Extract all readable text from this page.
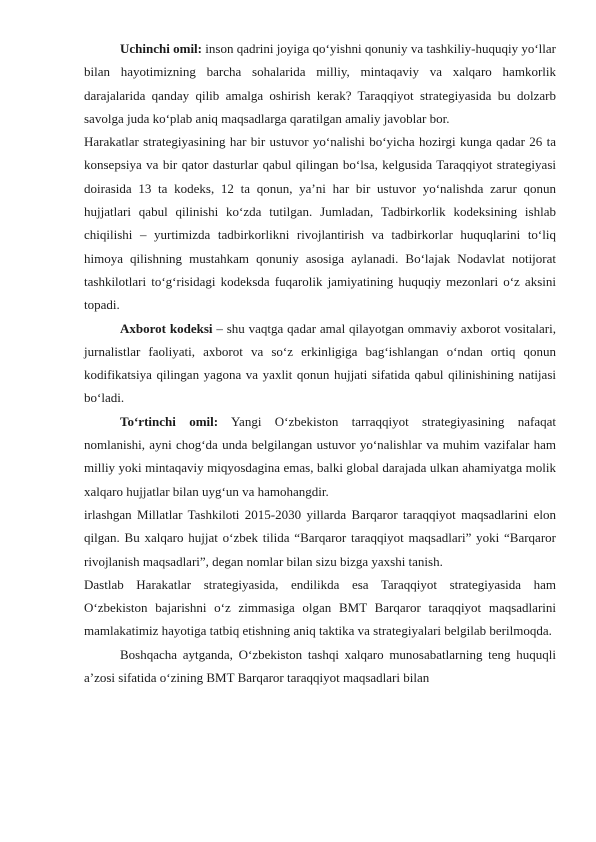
Uchinchi omil: inson qadrini joyiga qo‘yishni qonuniy va tashkiliy-huquqiy yo‘llar bilan hayotimizning barcha sohalarida milliy, mintaqaviy va xalqaro hamkorlik darajalarida qanday qilib amalga oshirish kerak? Taraqqiyot strategiyasida bu dolzarb savolga juda ko‘plab aniq maqsadlarga qaratilgan amaliy javoblar bor.

Harakatlar strategiyasining har bir ustuvor yo‘nalishi bo‘yicha hozirgi kunga qadar 26 ta konsepsiya va bir qator dasturlar qabul qilingan bo‘lsa, kelgusida Taraqqiyot strategiyasi doirasida 13 ta kodeks, 12 ta qonun, ya’ni har bir ustuvor yo‘nalishda zarur qonun hujjatlari qabul qilinishi ko‘zda tutilgan. Jumladan, Tadbirkorlik kodeksining ishlab chiqilishi – yurtimizda tadbirkorlikni rivojlantirish va tadbirkorlar huquqlarini to‘liq himoya qilishning mustahkam qonuniy asosiga aylanadi. Bo‘lajak Nodavlat notijorat tashkilotlari to‘g‘risidagi kodeksda fuqarolik jamiyatining huquqiy mezonlari o‘z aksini topadi.

Axborot kodeksi – shu vaqtga qadar amal qilayotgan ommaviy axborot vositalari, jurnalistlar faoliyati, axborot va so‘z erkinligiga bag‘ishlangan o‘ndan ortiq qonun kodifikatsiya qilingan yagona va yaxlit qonun hujjati sifatida qabul qilinishining natijasi bo‘ladi.

To‘rtinchi omil: Yangi O‘zbekiston tarraqqiyot strategiyasining nafaqat nomlanishi, ayni chog‘da unda belgilangan ustuvor yo‘nalishlar va muhim vazifalar ham milliy yoki mintaqaviy miqyosdagina emas, balki global darajada ulkan ahamiyatga molik xalqaro hujjatlar bilan uyg‘un va hamohangdir.

irlashgan Millatlar Tashkiloti 2015-2030 yillarda Barqaror taraqqiyot maqsadlarini elon qilgan. Bu xalqaro hujjat o‘zbek tilida “Barqaror taraqqiyot maqsadlari” yoki “Barqaror rivojlanish maqsadlari”, degan nomlar bilan sizu bizga yaxshi tanish.

Dastlab Harakatlar strategiyasida, endilikda esa Taraqqiyot strategiyasida ham O‘zbekiston bajarishni o‘z zimmasiga olgan BMT Barqaror taraqqiyot maqsadlarini mamlakatimiz hayotiga tatbiq etishning aniq taktika va strategiyalari belgilab berilmoqda.

Boshqacha aytganda, O‘zbekiston tashqi xalqaro munosabatlarning teng huquqli a’zosi sifatida o‘zining BMT Barqaror taraqqiyot maqsadlari bilan
